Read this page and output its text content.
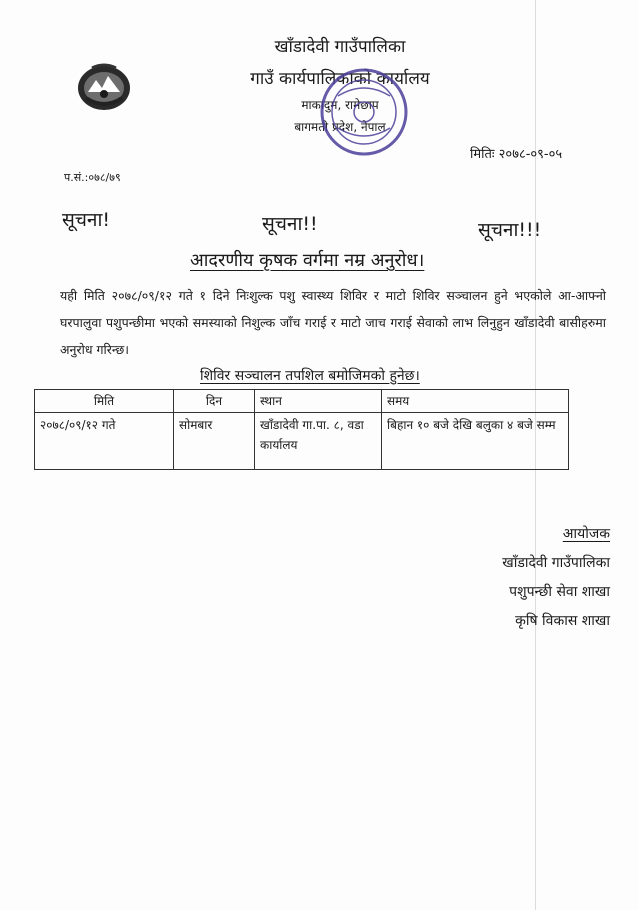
खाँडादेवी गाउँपालिका
गाउँ कार्यपालिकाको कार्यालय
माकादुम, रामेछाप
बागमती प्रदेश, नेपाल
मितिः २०७८-०९-०५
प.सं.:०७८/७९
सूचना!	सूचना!!	सूचना!!!
आदरणीय कृषक वर्गमा नम्र अनुरोध।
यही मिति २०७८/०९/१२ गते १ दिने निःशुल्क पशु स्वास्थ्य शिविर र माटो शिविर सञ्चालन हुने भएकोले आ-आफ्नो घरपालुवा पशुपन्छीमा भएको समस्याको निशुल्क जाँच गराई र माटो जाच गराई सेवाको लाभ लिनुहुन खाँडादेवी बासीहरुमा अनुरोध गरिन्छ।
शिविर सञ्चालन तपशिल बमोजिमको हुनेछ।
मिति	दिन	स्थान	समय
२०७८/०९/१२ गते	सोमबार	खाँडादेवी गा.पा. ८, वडा कार्यालय	बिहान १० बजे देखि बलुका ४ बजे सम्म
आयोजक
खाँडादेवी गाउँपालिका
पशुपन्छी सेवा शाखा
कृषि विकास शाखा
